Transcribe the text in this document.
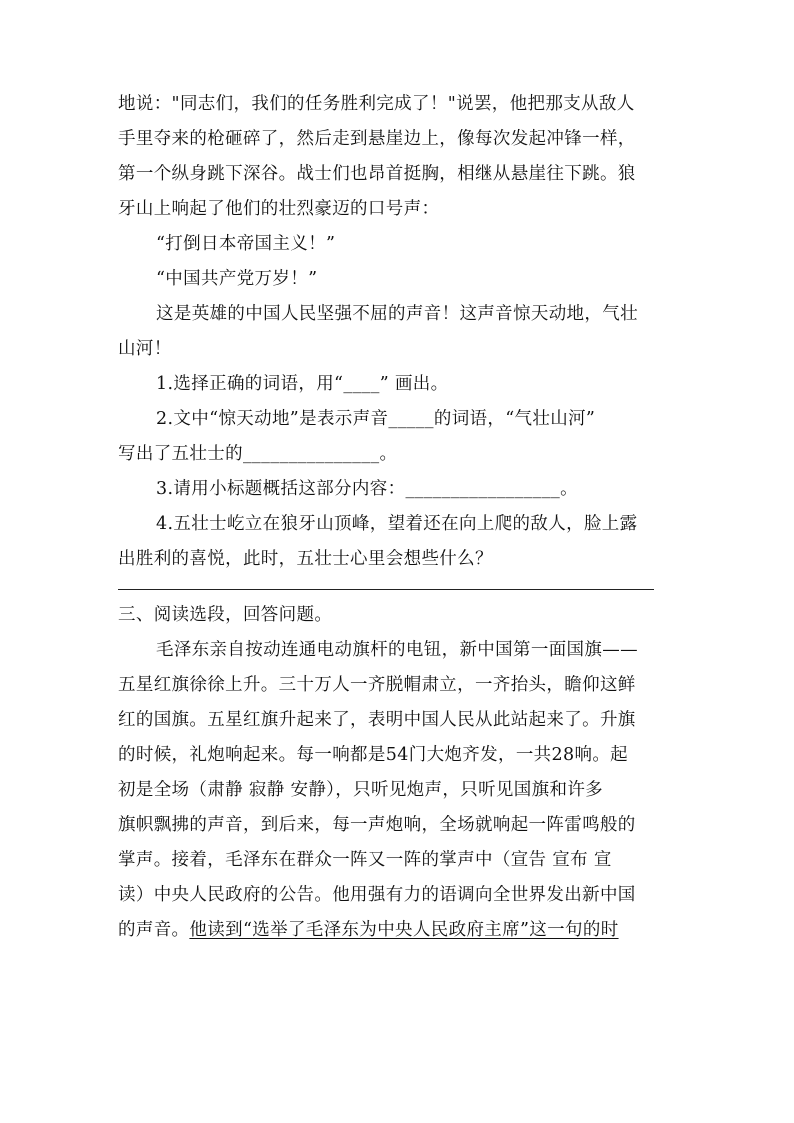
地说："同志们，我们的任务胜利完成了！"说罢，他把那支从敌人
手里夺来的枪砸碎了，然后走到悬崖边上，像每次发起冲锋一样，
第一个纵身跳下深谷。战士们也昂首挺胸，相继从悬崖往下跳。狼
牙山上响起了他们的壮烈豪迈的口号声：
“打倒日本帝国主义！”
“中国共产党万岁！”
这是英雄的中国人民坚强不屈的声音！这声音惊天动地，气壮
山河！
1.选择正确的词语，用“____” 画出。
2.文中“惊天动地”是表示声音_____的词语，“气壮山河”
写出了五壮士的_______________。
3.请用小标题概括这部分内容：_________________。
4.五壮士屹立在狼牙山顶峰，望着还在向上爬的敌人，脸上露
出胜利的喜悦，此时，五壮士心里会想些什么？
三、阅读选段，回答问题。
毛泽东亲自按动连通电动旗杆的电钮，新中国第一面国旗——
五星红旗徐徐上升。三十万人一齐脱帽肃立，一齐抬头，瞻仰这鲜
红的国旗。五星红旗升起来了，表明中国人民从此站起来了。升旗
的时候，礼炮响起来。每一响都是54门大炮齐发，一共28响。起
初是全场（肃静 寂静 安静），只听见炮声，只听见国旗和许多
旗帜飘拂的声音，到后来，每一声炮响，全场就响起一阵雷鸣般的
掌声。接着，毛泽东在群众一阵又一阵的掌声中（宣告 宣布 宣
读）中央人民政府的公告。他用强有力的语调向全世界发出新中国
的声音。他读到“选举了毛泽东为中央人民政府主席”这一句的时
